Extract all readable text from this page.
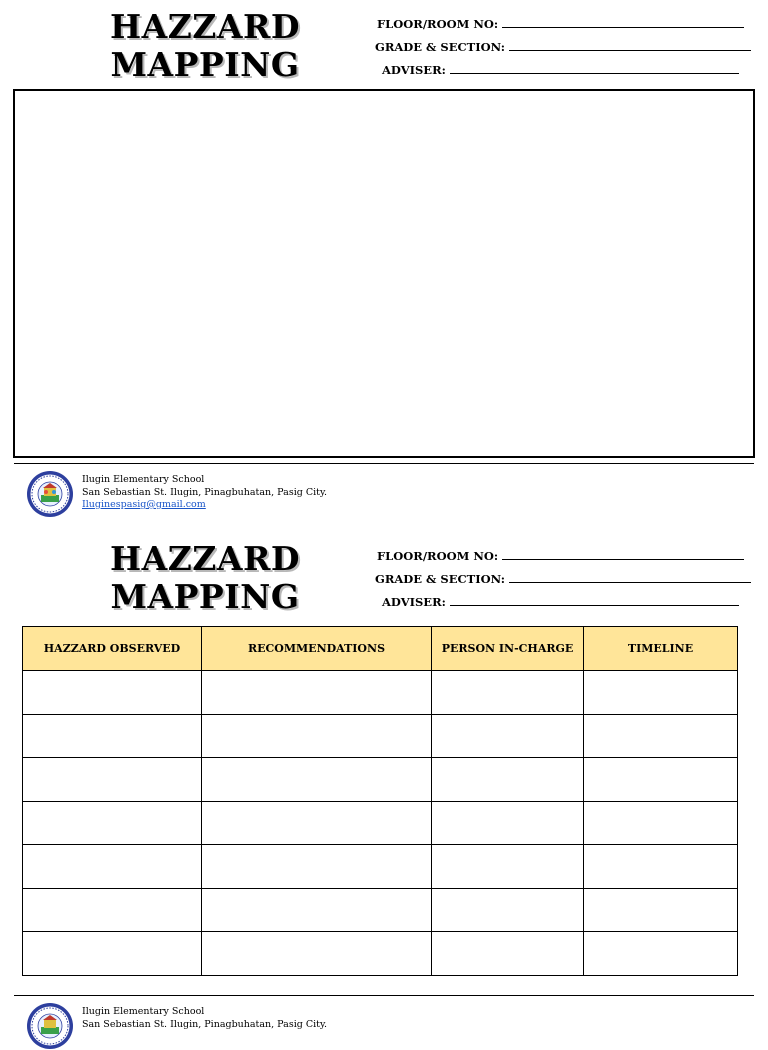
HAZZARD
MAPPING
FLOOR/ROOM NO:
GRADE & SECTION:
ADVISER:
Ilugin Elementary School
San Sebastian St. Ilugin, Pinagbuhatan, Pasig City.
Iluginespasig@gmail.com
HAZZARD
MAPPING
FLOOR/ROOM NO:
GRADE & SECTION:
ADVISER:
HAZZARD OBSERVED	RECOMMENDATIONS	PERSON IN-CHARGE	TIMELINE

Ilugin Elementary School
San Sebastian St. Ilugin, Pinagbuhatan, Pasig City.
